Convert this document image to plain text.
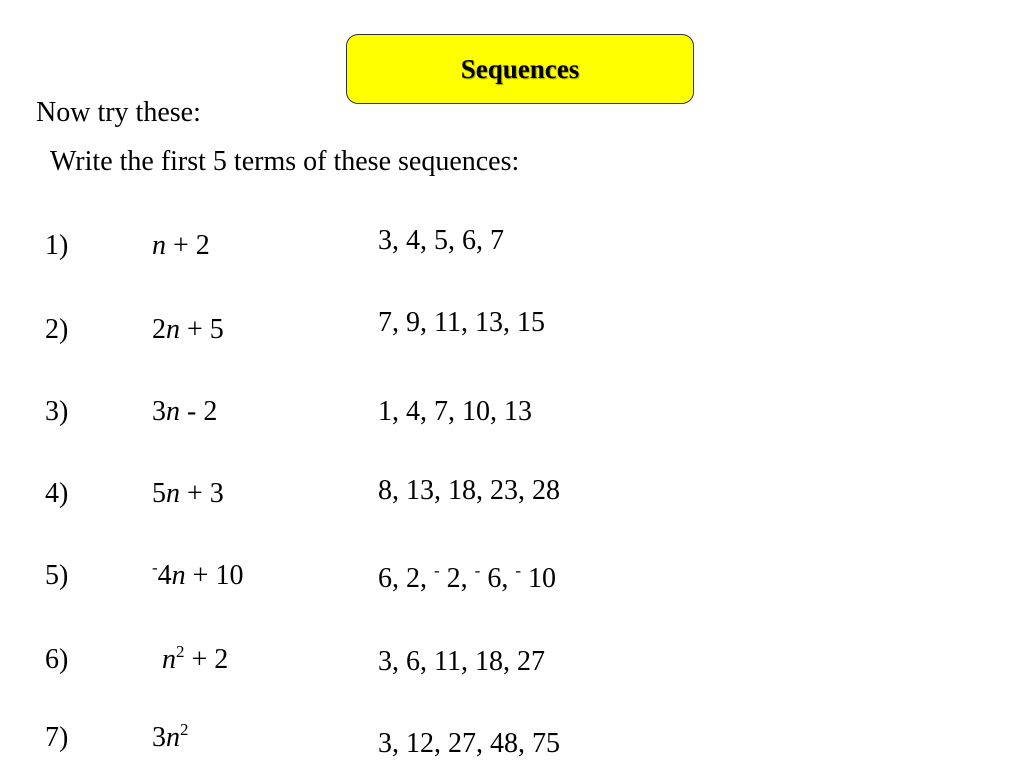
Sequences
Now try these:
Write the first 5 terms of these sequences:
1)	n + 2	3, 4, 5, 6, 7
2)	2n + 5	7, 9, 11, 13, 15
3)	3n - 2	1, 4, 7, 10, 13
4)	5n + 3	8, 13, 18, 23, 28
5)	-4n + 10	6, 2, - 2, - 6, - 10
6)	$n^2 + 2$	3, 6, 11, 18, 27
7)	$3n^2$	3, 12, 27, 48, 75
